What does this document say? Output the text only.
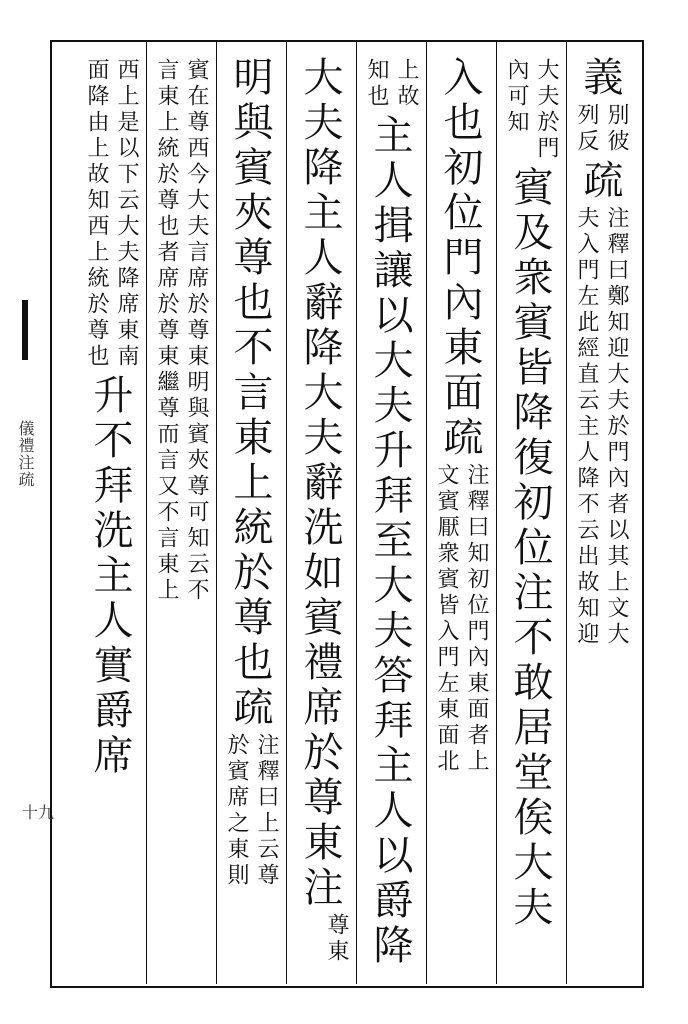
儀禮注疏
十九
義
別彼
列反
疏
注釋曰鄭知迎大夫於門內者以其上文大
夫入門左此經直云主人降不云出故知迎
大夫於門
內可知
賓及衆賓皆降復初位注不敢居堂俟大夫
入也初位門內東面疏
注釋曰知初位門內東面者上
文賓厭衆賓皆入門左東面北
上故
知也
主人揖讓以大夫升拜至大夫答拜主人以爵降
大夫降主人辭降大夫辭洗如賓禮席於尊東注
尊東
明與賓夾尊也不言東上統於尊也疏
注釋曰上云尊
於賓席之東則
賓在尊西今大夫言席於尊東明與賓夾尊可知云不
言東上統於尊也者席於尊東繼尊而言又不言東上
西上是以下云大夫降席東南
面降由上故知西上統於尊也
升不拜洗主人實爵席
